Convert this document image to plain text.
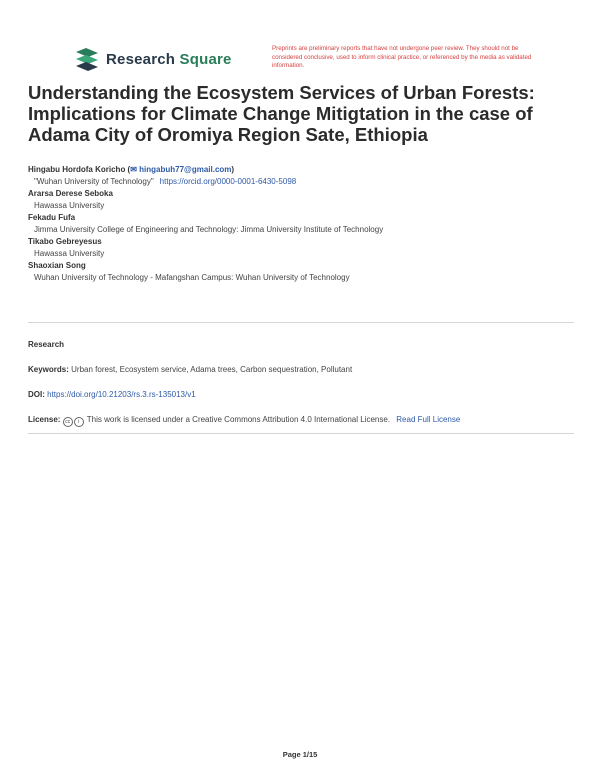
Research Square
Preprints are preliminary reports that have not undergone peer review. They should not be considered conclusive, used to inform clinical practice, or referenced by the media as validated information.
Understanding the Ecosystem Services of Urban Forests: Implications for Climate Change Mitigtation in the case of Adama City of Oromiya Region Sate, Ethiopia
Hingabu Hordofa Koricho (✉ hingabuh77@gmail.com)
"Wuhan University of Technology" https://orcid.org/0000-0001-6430-5098
Ararsa Derese Seboka
Hawassa University
Fekadu Fufa
Jimma University College of Engineering and Technology: Jimma University Institute of Technology
Tikabo Gebreyesus
Hawassa University
Shaoxian Song
Wuhan University of Technology - Mafangshan Campus: Wuhan University of Technology
Research
Keywords: Urban forest, Ecosystem service, Adama trees, Carbon sequestration, Pollutant
DOI: https://doi.org/10.21203/rs.3.rs-135013/v1
License: cc i This work is licensed under a Creative Commons Attribution 4.0 International License. Read Full License
Page 1/15
